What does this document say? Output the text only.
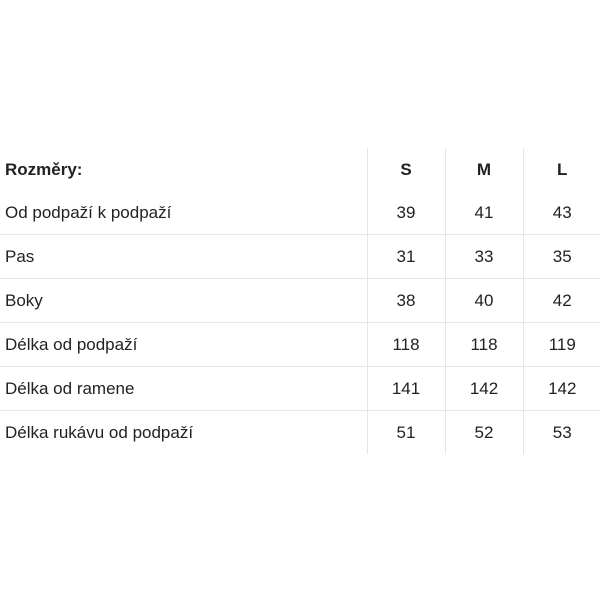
Rozměry:	S	M	L
Od podpaží k podpaží	39	41	43
Pas	31	33	35
Boky	38	40	42
Délka od podpaží	118	118	119
Délka od ramene	141	142	142
Délka rukávu od podpaží	51	52	53
